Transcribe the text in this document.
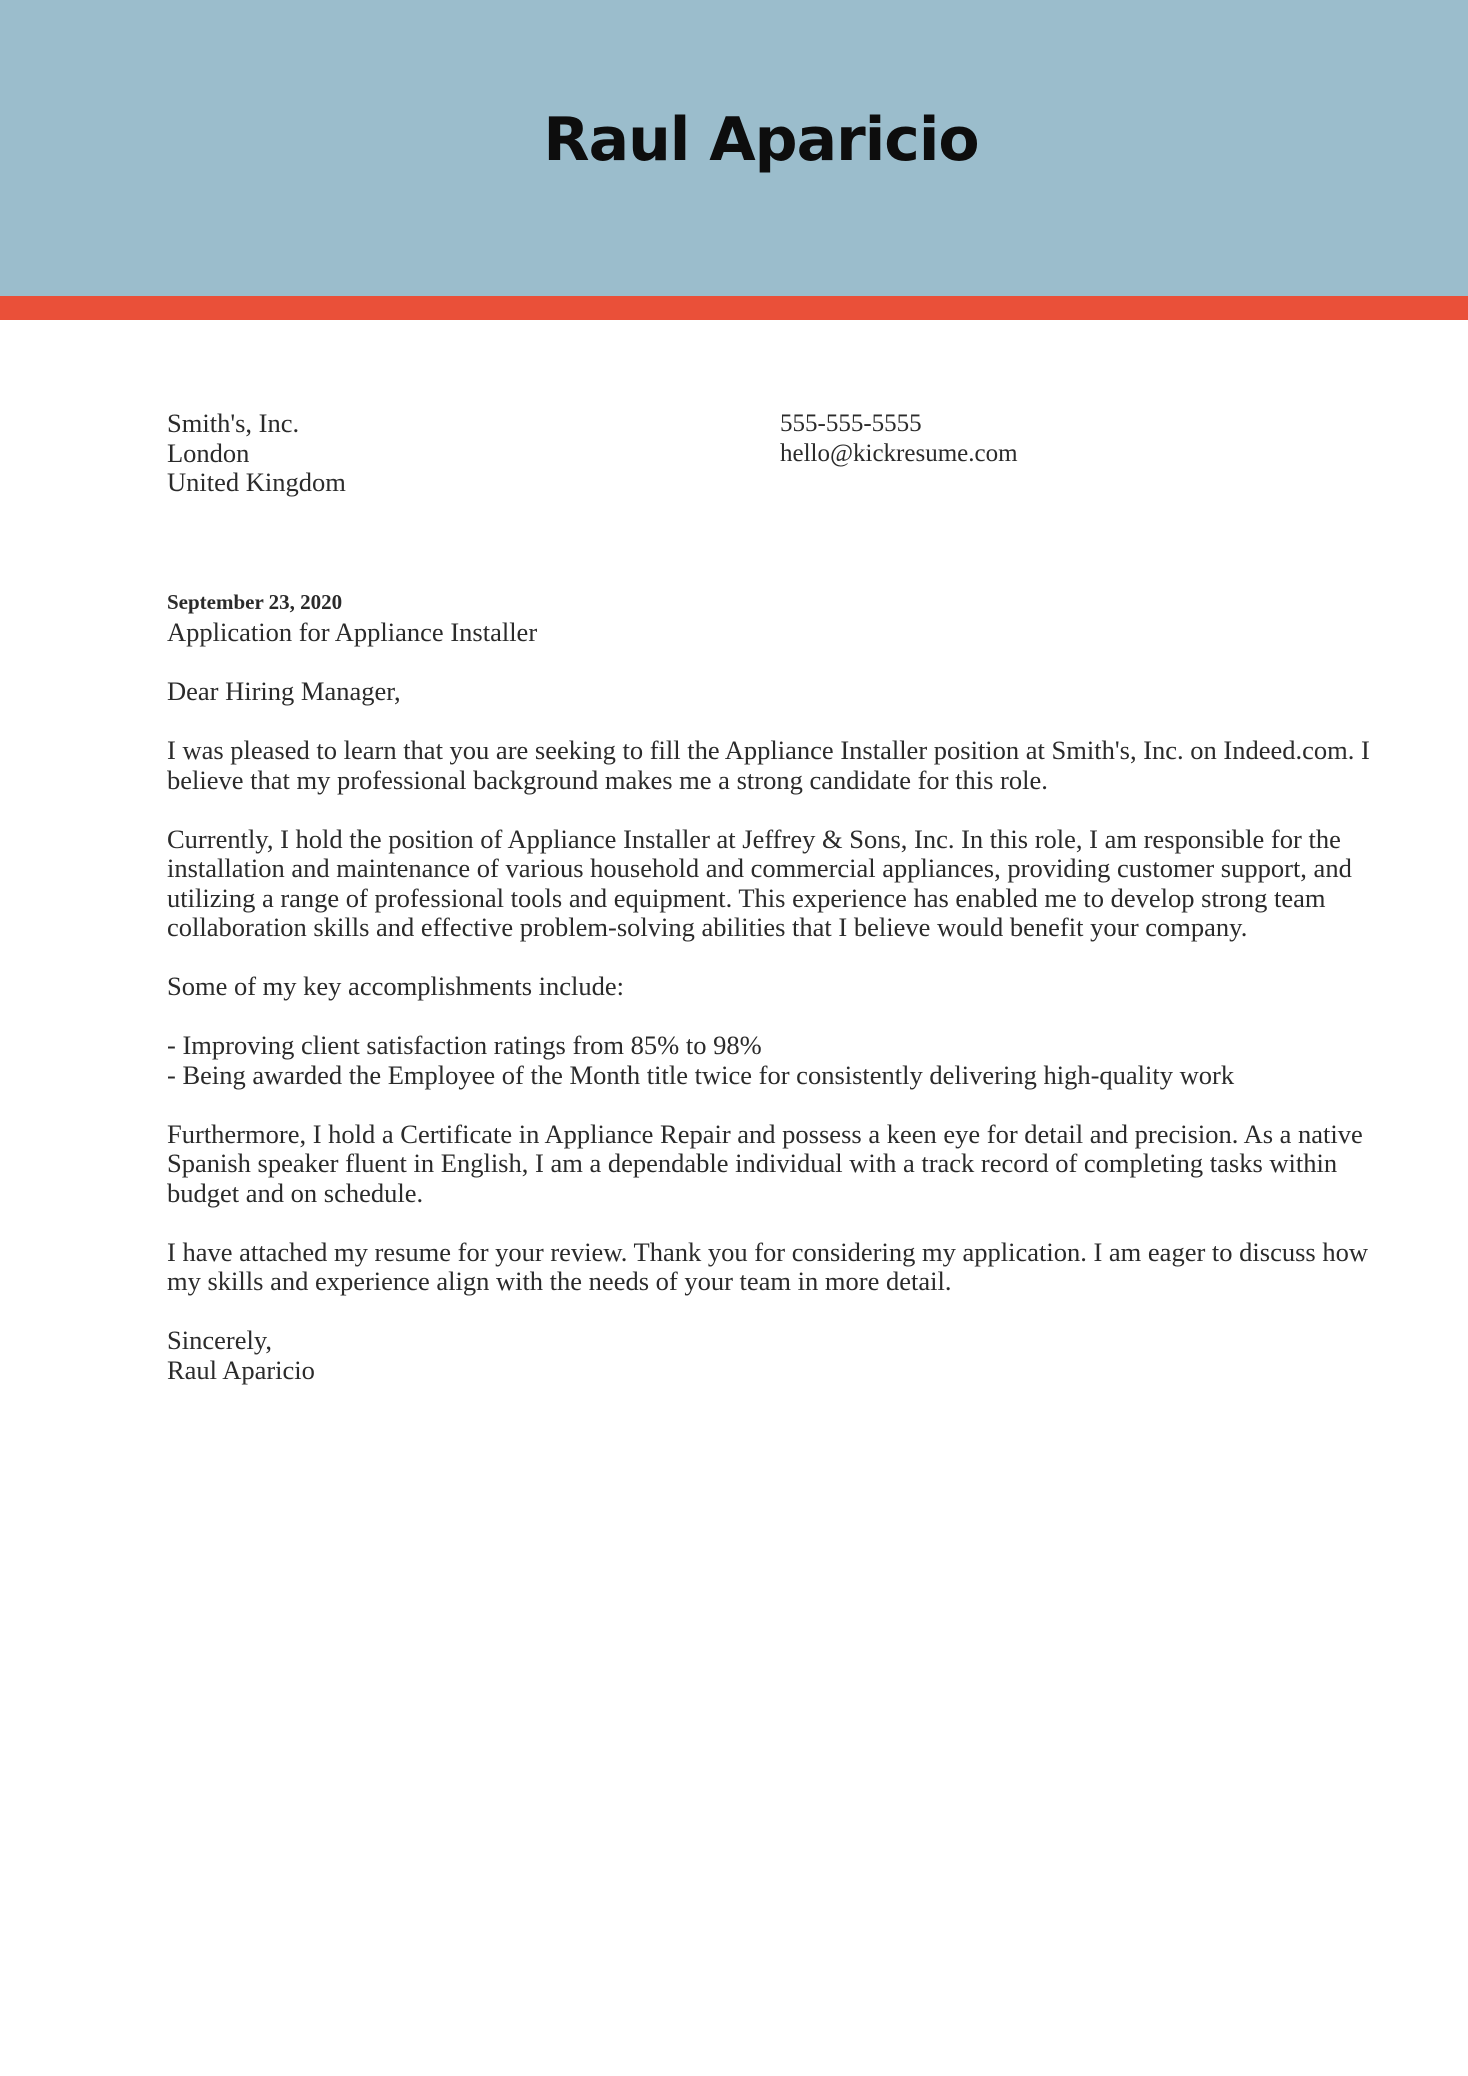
Raul Aparicio

Smith's, Inc.

London

United Kingdom

555-555-5555

hello@kickresume.com

September 23, 2020

Application for Appliance Installer

Dear Hiring Manager,

I was pleased to learn that you are seeking to fill the Appliance Installer position at Smith's, Inc. on Indeed.com. I believe that my professional background makes me a strong candidate for this role.

Currently, I hold the position of Appliance Installer at Jeffrey & Sons, Inc. In this role, I am responsible for the installation and maintenance of various household and commercial appliances, providing customer support, and utilizing a range of professional tools and equipment. This experience has enabled me to develop strong team collaboration skills and effective problem-solving abilities that I believe would benefit your company.

Some of my key accomplishments include:

- Improving client satisfaction ratings from 85% to 98%

- Being awarded the Employee of the Month title twice for consistently delivering high-quality work

Furthermore, I hold a Certificate in Appliance Repair and possess a keen eye for detail and precision. As a native Spanish speaker fluent in English, I am a dependable individual with a track record of completing tasks within budget and on schedule.

I have attached my resume for your review. Thank you for considering my application. I am eager to discuss how my skills and experience align with the needs of your team in more detail.

Sincerely,

Raul Aparicio
